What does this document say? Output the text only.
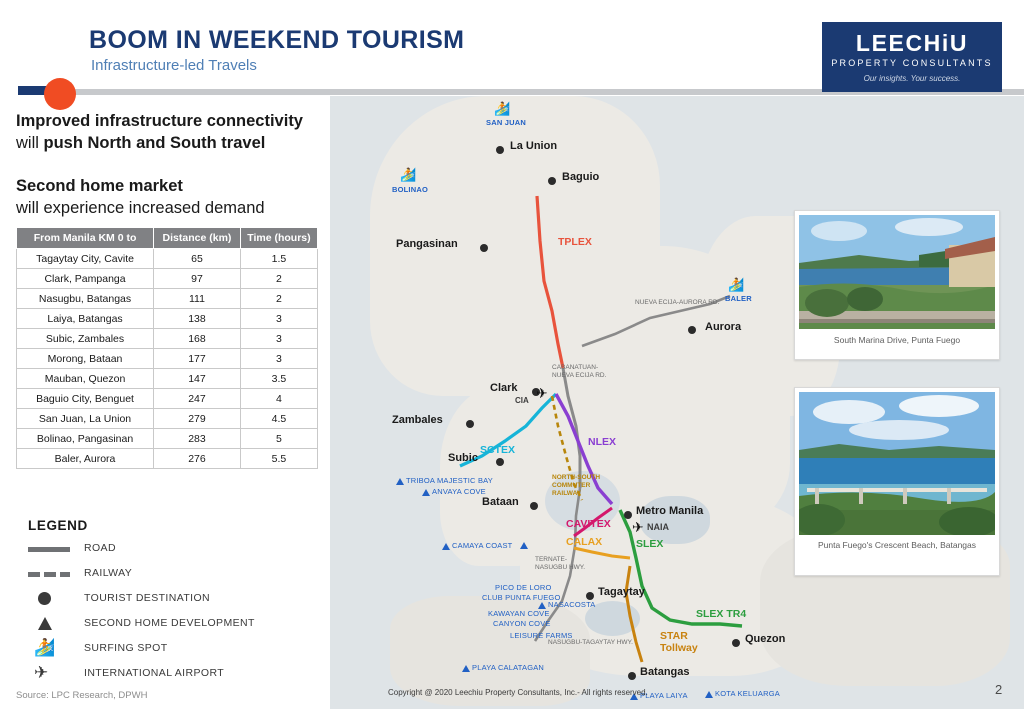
BOOM IN WEEKEND TOURISM
Infrastructure-led Travels
LEECHiU
PROPERTY CONSULTANTS
Our insights. Your success.
Improved infrastructure connectivity
will push North and South travel
Second home market
will experience increased demand
From Manila KM 0 to	Distance (km)	Time (hours)
Tagaytay City, Cavite	65	1.5
Clark, Pampanga	97	2
Nasugbu, Batangas	111	2
Laiya, Batangas	138	3
Subic, Zambales	168	3
Morong, Bataan	177	3
Mauban, Quezon	147	3.5
Baguio City, Benguet	247	4
San Juan, La Union	279	4.5
Bolinao, Pangasinan	283	5
Baler, Aurora	276	5.5
LEGEND
ROAD
RAILWAY
TOURIST DESTINATION
SECOND HOME DEVELOPMENT
🏄	SURFING SPOT
✈	INTERNATIONAL AIRPORT
Source: LPC Research, DPWH
TPLEX
SCTEX
NLEX
CAVITEX
CALAX	SLEX
SLEX TR4
STAR Tollway
NORTH-SOUTH COMMUTER RAILWAY
Pangasinan
Zambales
Subic
Bataan
Clark ✈
CIA
Aurora
La Union
Baguio
Metro Manila
✈ NAIA
Tagaytay
Batangas
Quezon
🏄
SAN JUAN
🏄
BOLINAO
🏄
BALER
TRIBOA MAJESTIC BAY
ANVAYA COVE
CAMAYA COAST
PICO DE LORO
CLUB PUNTA FUEGO
NASACOSTA
KAWAYAN COVE
CANYON COVE
LEISURE FARMS
PLAYA CALATAGAN
PLAYA LAIYA	KOTA KELUARGA
NUEVA ECIJA-AURORA RD.
CABANATUAN- NUEVA ECIJA RD.
TERNATE- NASUGBU HWY.
NASUGBU-TAGAYTAY HWY.
South Marina Drive, Punta Fuego
Punta Fuego's Crescent Beach, Batangas
Copyright @ 2020 Leechiu Property Consultants, Inc.- All rights reserved.	2
